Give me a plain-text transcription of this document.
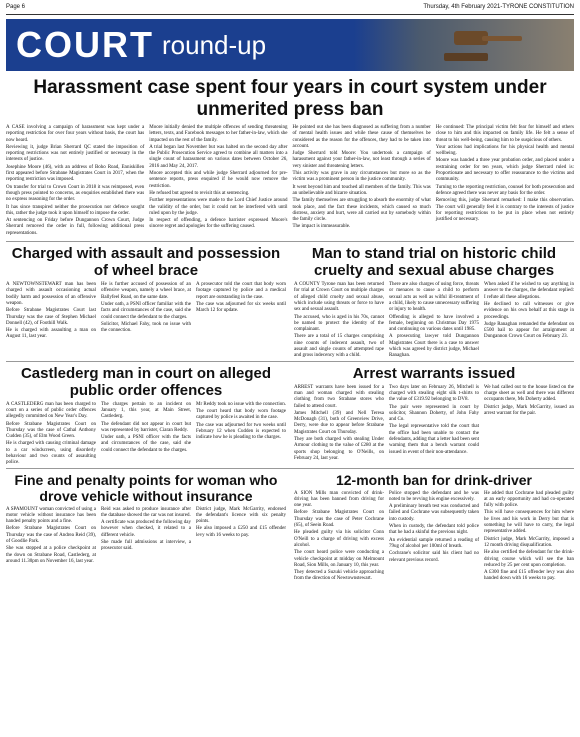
Page 6	Thursday, 4th February 2021-TYRONE CONSTITUTION
COURT round-up
Harassment case spent four years in court system under unmerited press ban

A CASE involving a campaign of harassment was kept under a reporting restriction for over four years without basis, the court has now heard.

Reviewing it, judge Brian Sherrard QC stated the imposition of reporting restrictions was not entirely justified or necessary in the interests of justice.

Josephine Moore (46), with an address of Boho Road, Enniskillen first appeared before Strabane Magistrates Court in 2017, when the reporting restriction was imposed.

On transfer for trial to Crown Court in 2018 it was reimposed, even though press pointed to concerns, as enquiries established there was no express reasoning for the order.

It has since transpired neither the prosecution nor defence sought this, rather the judge took it upon himself to impose the order.

At sentencing on Friday before Dungannon Crown Court, Judge Sherrard removed the order in full, following additional press representations.

Moore initially denied the multiple offences of sending threatening letters, texts, and Facebook messages to her father-in-law, which she impacted on the rest of the family.

A trial began last November but was halted on the second day after the Public Prosecution Service agreed to combine all matters into a single count of harassment on various dates between October 26, 2016 and May 24, 2017.

Moore accepted this and while judge Sherrard adjourned for pre-sentence reports, press enquired if he would now remove the restriction.

He refused but agreed to revisit this at sentencing.

Further representations were made to the Lord Chief Justice around the validity of the order, but it could not be interfered with until ruled upon by the judge.

In respect of offending, a defence barrister expressed Moore's sincere regret and apologies for the suffering caused.

He pointed out she has been diagnosed as suffering from a number of mental health issues and while these cause of themselves be considered as the reason for the offences, they had to be taken into account.

Judge Sherrard told Moore: You undertook a campaign of harassment against your father-in-law, not least through a series of very sinister and threatening letters.

This activity was grave in any circumstances but more so as the victim was a prominent person in the justice community.

It went beyond him and touched all members of the family. This was an unbelievable and bizarre situation.

The family themselves are struggling to absorb the enormity of what took place, and the fact these incidents, which caused so much distress, anxiety and hurt, were all carried out by somebody within the family circle.

The impact is immeasurable.

He continued: The principal victim felt fear for himself and others close to him and this impacted on family life. He felt a sense of threat to his well-being, causing him to be suspicious of others.

Your actions had implications for his physical health and mental wellbeing.

Moore was handed a three year probation order, and placed under a restraining order for ten years, which judge Sherrard ruled is: Proportionate and necessary to offer reassurance to the victims and community.

Turning to the reporting restriction, counsel for both prosecution and defence agreed there was never any basis for the order.

Removing this, judge Sherrard remarked: I make this observation. The court will generally feel it is contrary to the interests of justice for reporting restrictions to be put in place when not entirely justified or necessary.

Charged with assault and possession of wheel brace

A NEWTOWNSTEWART man has been charged with assault occasioning actual bodily harm and possession of an offensive weapon.

Before Strabane Magistrates Court last Thursday was the case of Stephen Michael Donnell (42), of Foothill Walk.

He is charged with assaulting a man on August 11, last year.

He is further accused of possession of an offensive weapon, namely a wheel brace, at Ballyfeel Road, on the same date.

Under oath, a PSNI officer familiar with the facts and circumstances of the case, said she could connect the defendant to the charges.

Solicitor, Michael Fahy, took no issue with the connection.

A prosecutor told the court that body worn footage captured by police and a medical report are outstanding in the case.

The case was adjourned for six weeks until March 12 for update.

Man to stand trial on historic child cruelty and sexual abuse charges

A COUNTY Tyrone man has been returned for trial at Crown Court on multiple charges of alleged child cruelty and sexual abuse, which include using threats or force to have sex and sexual assault.

The accused, who is aged in his 70s, cannot be named to protect the identity of the complainant.

There are a total of 15 charges comprising nine counts of indecent assault, two of assault and single counts of attempted rape and gross indecency with a child.

There are also charges of using force, threats or menaces to cause a child to perform sexual acts as well as wilful ill-treatment of a child, likely to cause unnecessary suffering or injury to health.

Offending is alleged to have involved a female, beginning on Christmas Day 1975 and continuing on various dates until 1985.

A prosecuting lawyer told Dungannon Magistrates Court there is a case to answer which was agreed by district judge, Michael Ranaghan.

When asked if he wished to say anything in answer to the charges, the defendant replied: I refute all these allegations.

He declined to call witnesses or give evidence on his own behalf at this stage in proceedings.

Judge Ranaghan remanded the defendant on £500 bail to appear for arraignment at Dungannon Crown Court on February 23.

Castlederg man in court on alleged public order offences

A CASTLEDERG man has been charged to court on a series of public order offences allegedly committed on New Year's Day.

Before Strabane Magistrates Court on Thursday was the case of Cathal Anthony Cudden (35), of Elm Wood Green.

He is charged with causing criminal damage to a car windscreen, using disorderly behaviour and two counts of assaulting police.

The charges pertain to an incident on January 1, this year, at Main Street, Castlederg.

The defendant did not appear in court but was represented by barrister, Ciaran Reddy.

Under oath, a PSNI officer with the facts and circumstances of the case, said she could connect the defendant to the charges.

Mr Reddy took no issue with the connection.

The court heard that body worn footage captured by police is awaited in the case.

The case was adjourned for two weeks until February 12 when Cudden is expected to indicate how he is pleading to the charges.

Arrest warrants issued

ARREST warrants have been issued for a man and woman charged with stealing clothing from two Strabane stores who failed to attend court.

James Mitchell (39) and Nell Teresa McDonagh (31), both of Greenview Drive, Derry, were due to appear before Strabane Magistrates Court on Thursday.

They are both charged with stealing Under Armour clothing to the value of £280 at the sports shop belonging to O'Neills, on February 24, last year.

Two days later on February 26, Mitchell is charged with stealing eight silk t-shirts to the value of £319.92 belonging to DV8.

The pair were represented in court by solicitor, Shannon Doherty, of John Fahy and Co.

The legal representative told the court that the office had been unable to contact the defendants, adding that a letter had been sent warning them that a bench warrant could issued in event of their non-attendance.

We had called out to the house listed on the charge sheet as well and there was different occupants there, Ms Doherty added.

District judge, Mark McGarrity, issued an arrest warrant for the pair.

Fine and penalty points for woman who drove vehicle without insurance

A SPAMOUNT woman convicted of using a motor vehicle without insurance has been handed penalty points and a fine.

Before Strabane Magistrates Court on Thursday was the case of Andrea Reid (39), of Goodlie Park.

She was stopped at a police checkpoint at the down on Strabane Road, Castlederg, at around 11.30pm on November 16, last year.

Reid was asked to produce insurance after the database showed the car was not insured.

A certificate was produced the following day however when checked, it related to a different vehicle.

She made full admissions at interview, a prosecutor said.

District judge, Mark McGarrity, endorsed the defendant's licence with six penalty points.

He also imposed a £250 and £15 offender levy with 16 weeks to pay.

12-month ban for drink-driver

A SION Mills man convicted of drink-driving has been banned from driving for one year.

Before Strabane Magistrates Court on Thursday was the case of Peter Cochrane (65), of Seein Road.

He pleaded guilty via his solicitor Conn O'Neill to a charge of driving with excess alcohol.

The court heard police were conducting a vehicle checkpoint at midday on Melmount Road, Sion Mills, on January 10, this year.

They detected a Suzuki vehicle approaching from the direction of Newtownstewart.

Police stopped the defendant and he was noted to be revving his engine excessively.

A preliminary breath test was conducted and failed and Cochrane was subsequently taken into custody.

When in custody, the defendant told police that he had a skinful the previous night.

An evidential sample returned a reading of 79ug of alcohol per 100ml of breath.

Cochrane's solicitor said his client had no relevant previous record.

He added that Cochrane had pleaded guilty at an early opportunity and had co-operated fully with police.

This will have consequences for him where he lives and his work in Derry but that is something he will have to carry, the legal representative added.

District judge, Mark McGarrity, imposed a 12 month driving disqualification.

He also certified the defendant for the drink-driving course which will see the ban reduced by 25 per cent upon completion.

A £300 fine and £15 offender levy was also handed down with 16 weeks to pay.
